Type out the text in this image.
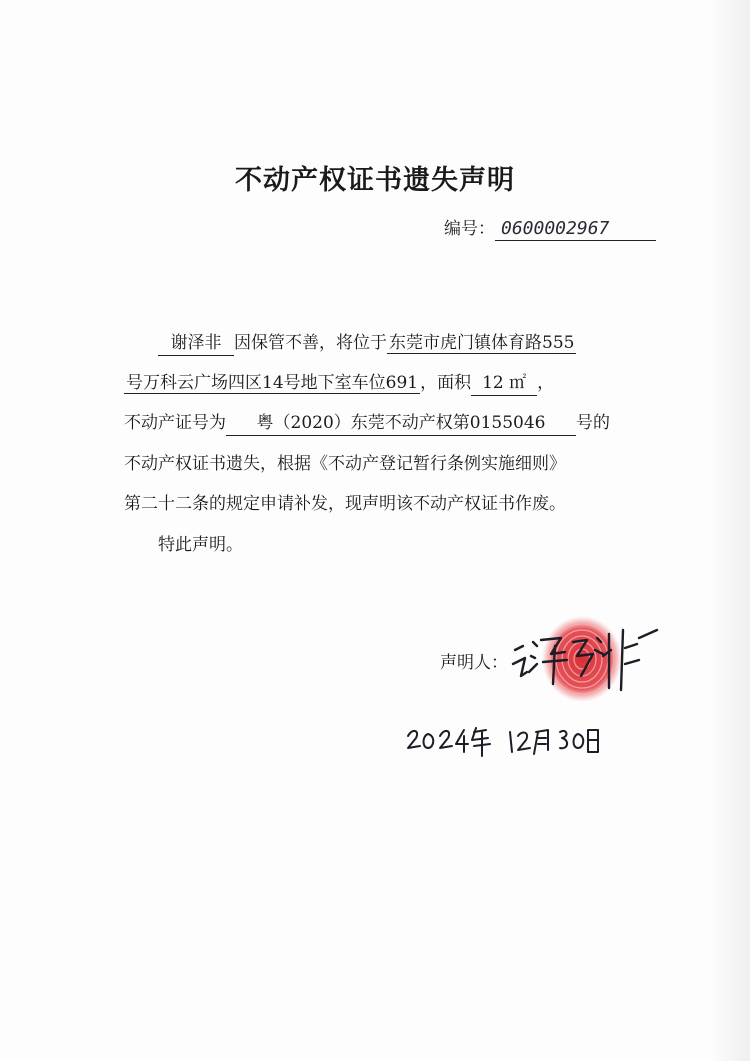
不动产权证书遗失声明
编号： 0600002967
谢泽非 因保管不善，将位于 东莞市虎门镇体育路555
号万科云广场四区14号地下室车位691 ，面积 12 ㎡ ，
不动产证号为 粤（2020）东莞不动产权第0155046 号的
不动产权证书遗失，根据《不动产登记暂行条例实施细则》
第二十二条的规定申请补发，现声明该不动产权证书作废。
特此声明。
声明人：
